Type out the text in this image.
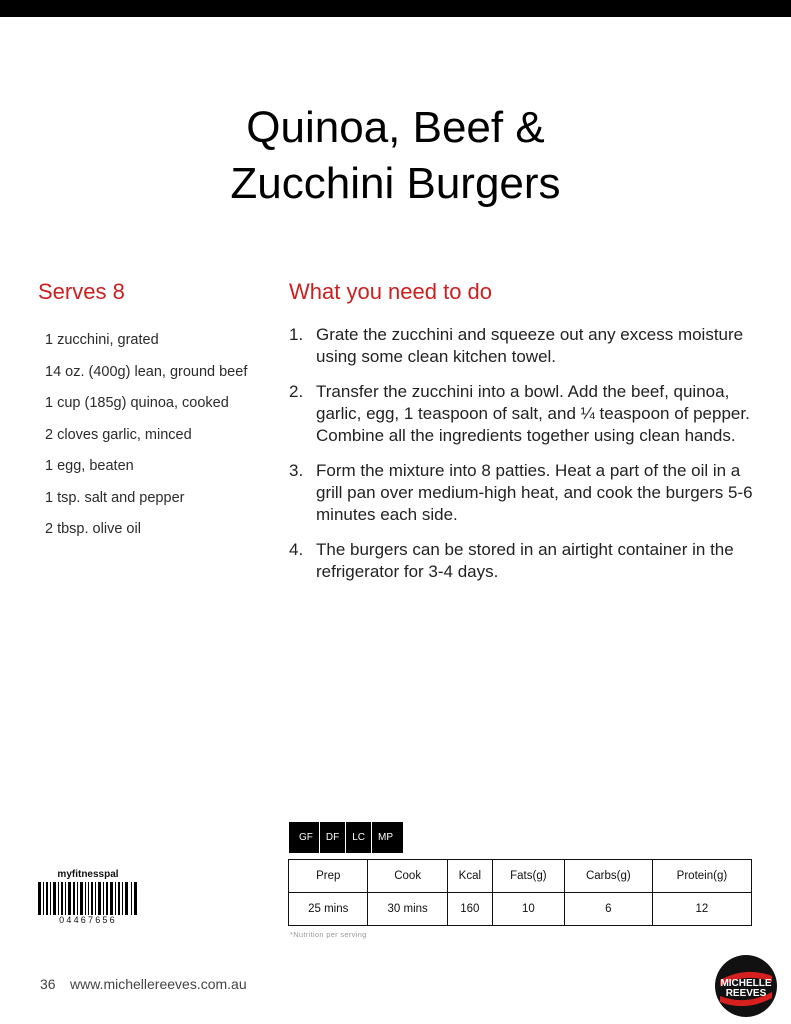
Quinoa, Beef &
Zucchini Burgers
Serves 8
1 zucchini, grated
14 oz. (400g) lean, ground beef
1 cup (185g) quinoa, cooked
2 cloves garlic, minced
1 egg, beaten
1 tsp. salt and pepper
2 tbsp. olive oil
What you need to do
1. Grate the zucchini and squeeze out any excess moisture using some clean kitchen towel.
2. Transfer the zucchini into a bowl. Add the beef, quinoa, garlic, egg, 1 teaspoon of salt, and ¼ teaspoon of pepper. Combine all the ingredients together using clean hands.
3. Form the mixture into 8 patties. Heat a part of the oil in a grill pan over medium-high heat, and cook the burgers 5-6 minutes each side.
4. The burgers can be stored in an airtight container in the refrigerator for 3-4 days.
GF	DF	LC	MP
Prep	Cook	Kcal	Fats(g)	Carbs(g)	Protein(g)
25 mins	30 mins	160	10	6	12
*Nutrition per serving
myfitnesspal
04467656
36 www.michellereeves.com.au	MICHELLE
REEVES
